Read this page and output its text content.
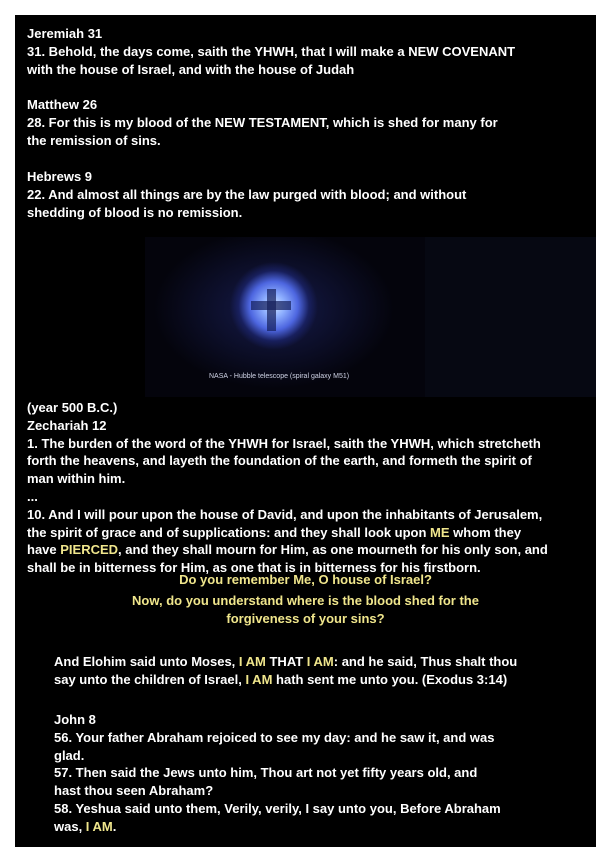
Jeremiah 31
31. Behold, the days come, saith the YHWH, that I will make a NEW COVENANT
with the house of Israel, and with the house of Judah
Matthew 26
28. For this is my blood of the NEW TESTAMENT, which is shed for many for
the remission of sins.
Hebrews 9
22. And almost all things are by the law purged with blood; and without
shedding of blood is no remission.
NASA - Hubble telescope (spiral galaxy M51)
(year 500 B.C.)
Zechariah 12
1. The burden of the word of the YHWH for Israel, saith the YHWH, which stretcheth
forth the heavens, and layeth the foundation of the earth, and formeth the spirit of
man within him.
...
10. And I will pour upon the house of David, and upon the inhabitants of Jerusalem,
the spirit of grace and of supplications: and they shall look upon ME whom they
have PIERCED, and they shall mourn for Him, as one mourneth for his only son, and
shall be in bitterness for Him, as one that is in bitterness for his firstborn.
Do you remember Me, O house of Israel?
Now, do you understand where is the blood shed for the
forgiveness of your sins?
And Elohim said unto Moses, I AM THAT I AM: and he said, Thus shalt thou
say unto the children of Israel, I AM hath sent me unto you. (Exodus 3:14)
John 8
56. Your father Abraham rejoiced to see my day: and he saw it, and was
glad.
57. Then said the Jews unto him, Thou art not yet fifty years old, and
hast thou seen Abraham?
58. Yeshua said unto them, Verily, verily, I say unto you, Before Abraham
was, I AM.
